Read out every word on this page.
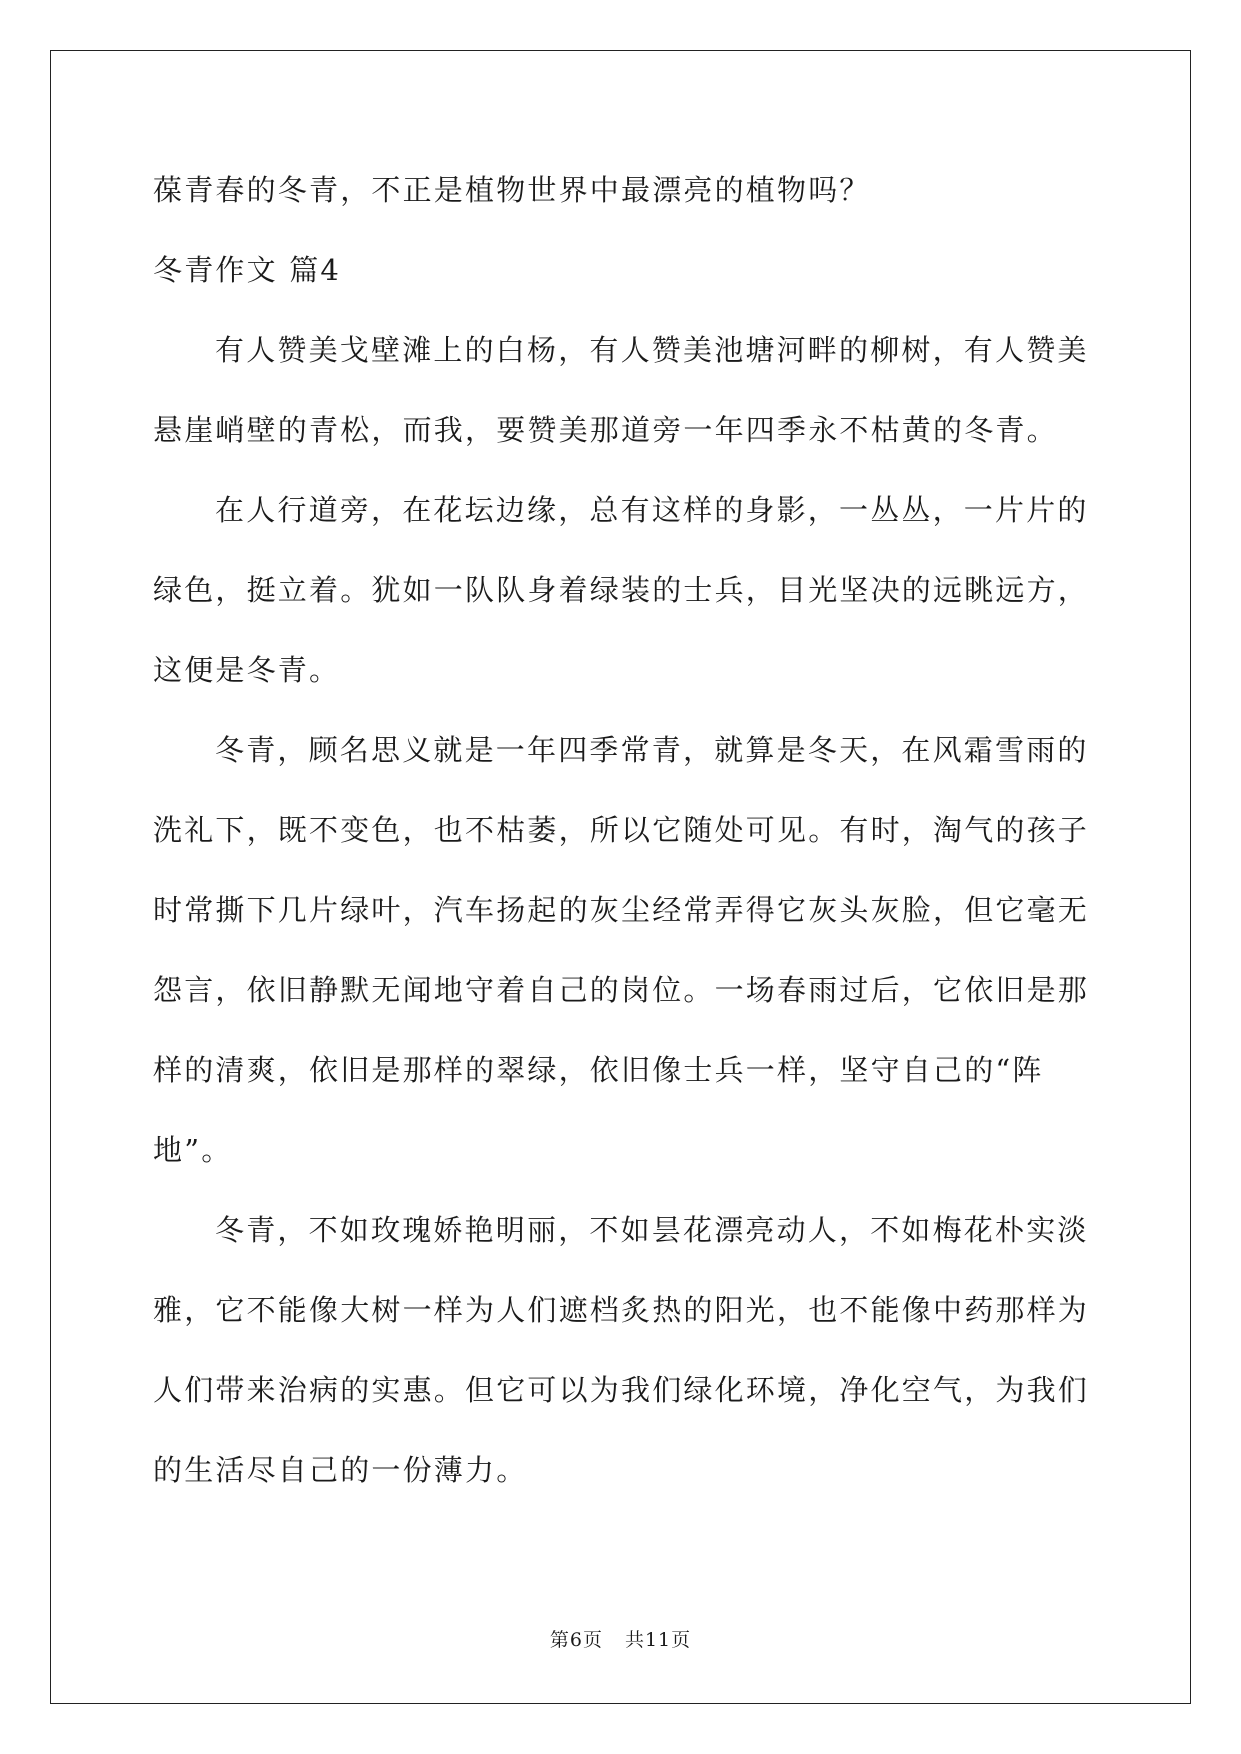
葆青春的冬青，不正是植物世界中最漂亮的植物吗？
冬青作文 篇4
有人赞美戈壁滩上的白杨，有人赞美池塘河畔的柳树，有人赞美
悬崖峭壁的青松，而我，要赞美那道旁一年四季永不枯黄的冬青。
在人行道旁，在花坛边缘，总有这样的身影，一丛丛，一片片的
绿色，挺立着。犹如一队队身着绿装的士兵，目光坚决的远眺远方，
这便是冬青。
冬青，顾名思义就是一年四季常青，就算是冬天，在风霜雪雨的
洗礼下，既不变色，也不枯萎，所以它随处可见。有时，淘气的孩子
时常撕下几片绿叶，汽车扬起的灰尘经常弄得它灰头灰脸，但它毫无
怨言，依旧静默无闻地守着自己的岗位。一场春雨过后，它依旧是那
样的清爽，依旧是那样的翠绿，依旧像士兵一样，坚守自己的“阵
地”。
冬青，不如玫瑰娇艳明丽，不如昙花漂亮动人，不如梅花朴实淡
雅，它不能像大树一样为人们遮档炙热的阳光，也不能像中药那样为
人们带来治病的实惠。但它可以为我们绿化环境，净化空气，为我们
的生活尽自己的一份薄力。
第6页 共11页
